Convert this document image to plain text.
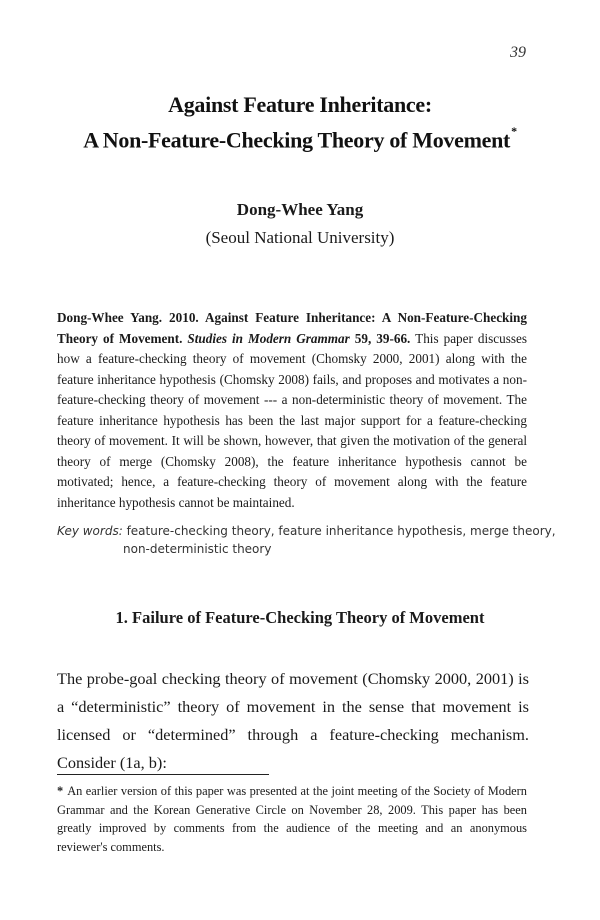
39
Against Feature Inheritance:
A Non-Feature-Checking Theory of Movement*
Dong-Whee Yang
(Seoul National University)
Dong-Whee Yang. 2010. Against Feature Inheritance: A Non-Feature-Checking Theory of Movement. Studies in Modern Grammar 59, 39-66. This paper discusses how a feature-checking theory of movement (Chomsky 2000, 2001) along with the feature inheritance hypothesis (Chomsky 2008) fails, and proposes and motivates a non-feature-checking theory of movement --- a non-deterministic theory of movement. The feature inheritance hypothesis has been the last major support for a feature-checking theory of movement. It will be shown, however, that given the motivation of the general theory of merge (Chomsky 2008), the feature inheritance hypothesis cannot be motivated; hence, a feature-checking theory of movement along with the feature inheritance hypothesis cannot be maintained.
Key words: feature-checking theory, feature inheritance hypothesis, merge theory,
non-deterministic theory
1. Failure of Feature-Checking Theory of Movement
The probe-goal checking theory of movement (Chomsky 2000, 2001) is a “deterministic” theory of movement in the sense that movement is licensed or “determined” through a feature-checking mechanism. Consider (1a, b):
* An earlier version of this paper was presented at the joint meeting of the Society of Modern Grammar and the Korean Generative Circle on November 28, 2009. This paper has been greatly improved by comments from the audience of the meeting and an anonymous reviewer's comments.
